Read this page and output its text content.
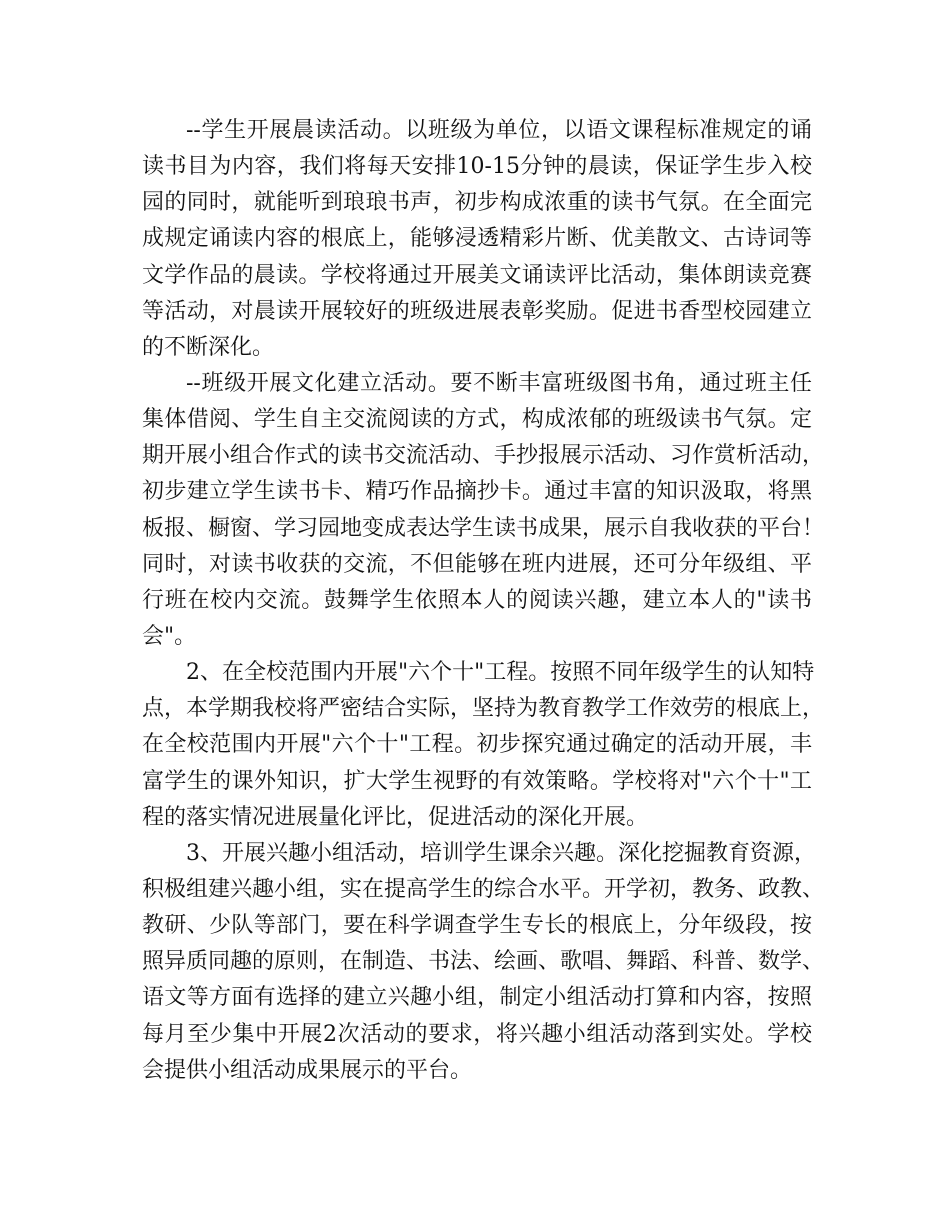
--学生开展晨读活动。以班级为单位，以语文课程标准规定的诵
读书目为内容，我们将每天安排10-15分钟的晨读，保证学生步入校
园的同时，就能听到琅琅书声，初步构成浓重的读书气氛。在全面完
成规定诵读内容的根底上，能够浸透精彩片断、优美散文、古诗词等
文学作品的晨读。学校将通过开展美文诵读评比活动，集体朗读竞赛
等活动，对晨读开展较好的班级进展表彰奖励。促进书香型校园建立
的不断深化。
--班级开展文化建立活动。要不断丰富班级图书角，通过班主任
集体借阅、学生自主交流阅读的方式，构成浓郁的班级读书气氛。定
期开展小组合作式的读书交流活动、手抄报展示活动、习作赏析活动，
初步建立学生读书卡、精巧作品摘抄卡。通过丰富的知识汲取，将黑
板报、橱窗、学习园地变成表达学生读书成果，展示自我收获的平台！
同时，对读书收获的交流，不但能够在班内进展，还可分年级组、平
行班在校内交流。鼓舞学生依照本人的阅读兴趣，建立本人的"读书
会"。
2、在全校范围内开展"六个十"工程。按照不同年级学生的认知特
点，本学期我校将严密结合实际，坚持为教育教学工作效劳的根底上，
在全校范围内开展"六个十"工程。初步探究通过确定的活动开展，丰
富学生的课外知识，扩大学生视野的有效策略。学校将对"六个十"工
程的落实情况进展量化评比，促进活动的深化开展。
3、开展兴趣小组活动，培训学生课余兴趣。深化挖掘教育资源，
积极组建兴趣小组，实在提高学生的综合水平。开学初，教务、政教、
教研、少队等部门，要在科学调查学生专长的根底上，分年级段，按
照异质同趣的原则，在制造、书法、绘画、歌唱、舞蹈、科普、数学、
语文等方面有选择的建立兴趣小组，制定小组活动打算和内容，按照
每月至少集中开展2次活动的要求，将兴趣小组活动落到实处。学校
会提供小组活动成果展示的平台。
